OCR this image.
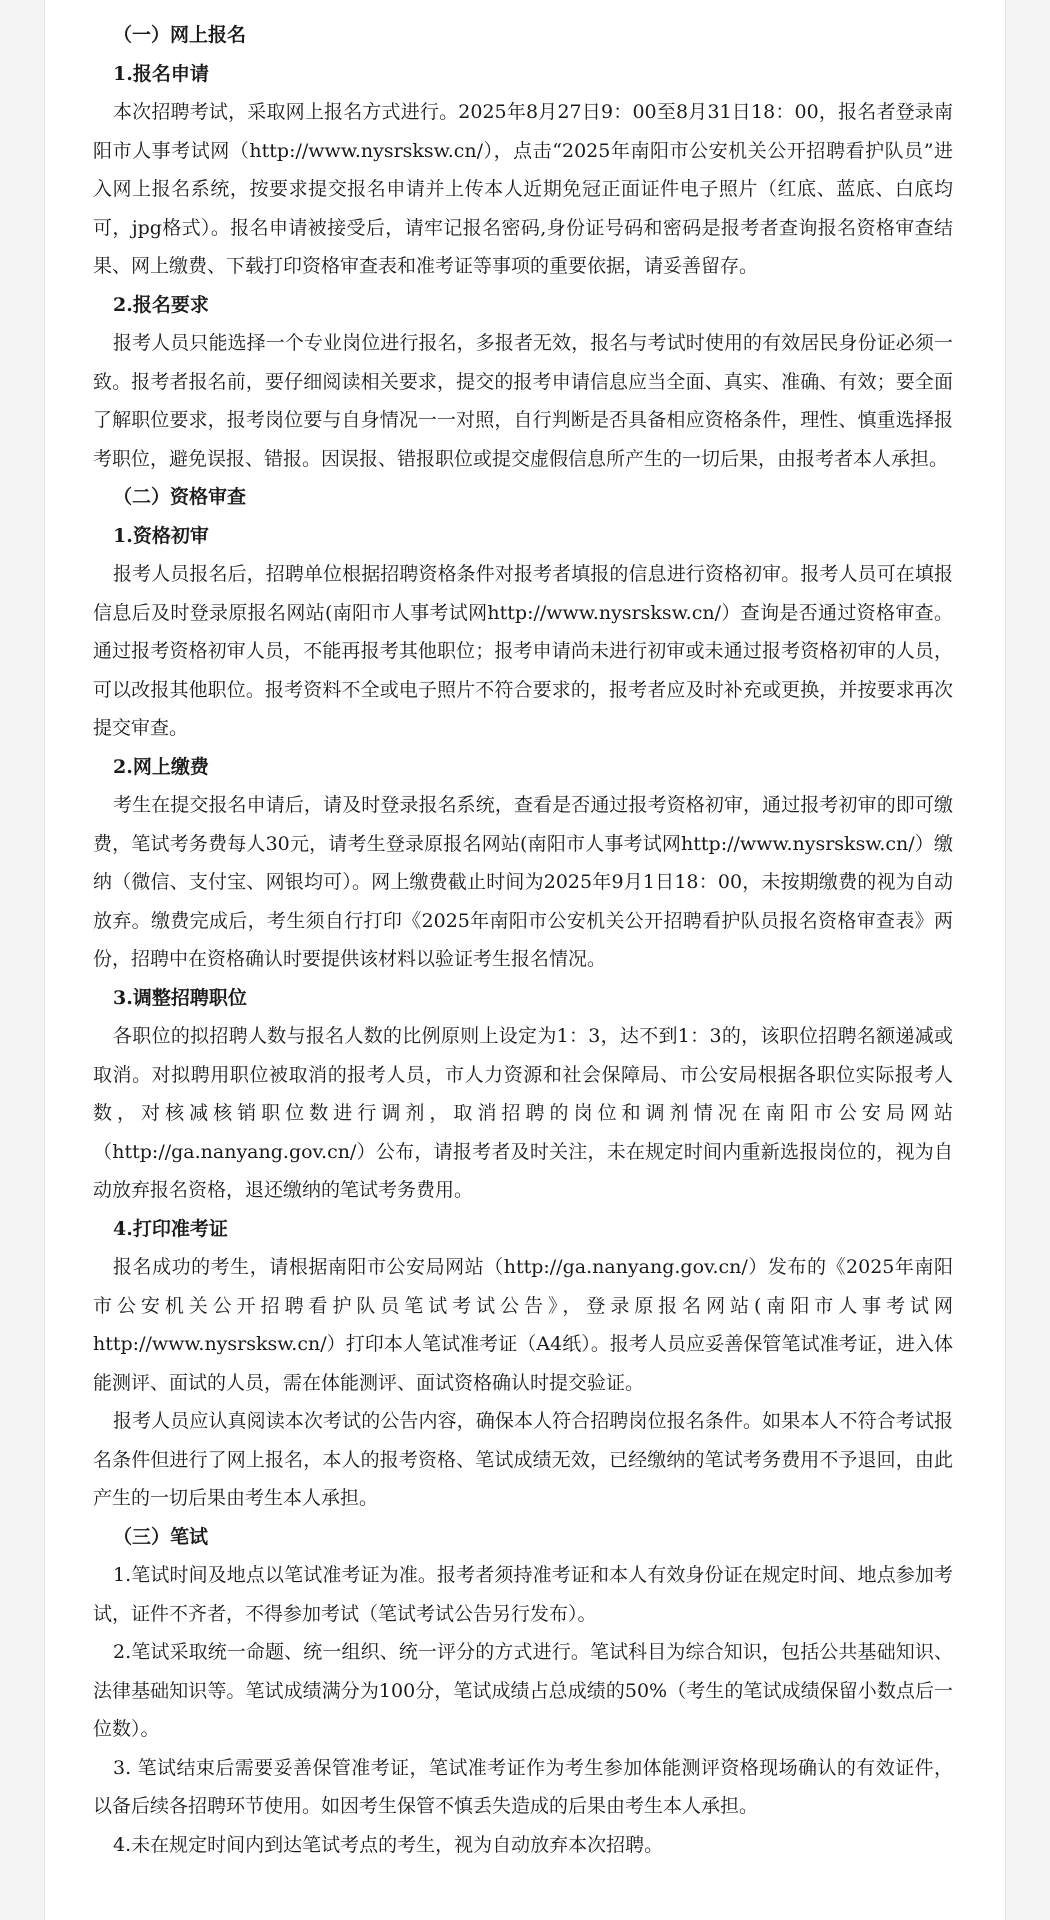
（一）网上报名

1.报名申请

本次招聘考试，采取网上报名方式进行。2025年8月27日9：00至8月31日18：00，报名者登录南阳市人事考试网（http://www.nysrsksw.cn/），点击“2025年南阳市公安机关公开招聘看护队员”进入网上报名系统，按要求提交报名申请并上传本人近期免冠正面证件电子照片（红底、蓝底、白底均可，jpg格式）。报名申请被接受后，请牢记报名密码,身份证号码和密码是报考者查询报名资格审查结果、网上缴费、下载打印资格审查表和准考证等事项的重要依据，请妥善留存。

2.报名要求

报考人员只能选择一个专业岗位进行报名，多报者无效，报名与考试时使用的有效居民身份证必须一致。报考者报名前，要仔细阅读相关要求，提交的报考申请信息应当全面、真实、准确、有效；要全面了解职位要求，报考岗位要与自身情况一一对照，自行判断是否具备相应资格条件，理性、慎重选择报考职位，避免误报、错报。因误报、错报职位或提交虚假信息所产生的一切后果，由报考者本人承担。

（二）资格审查

1.资格初审

报考人员报名后，招聘单位根据招聘资格条件对报考者填报的信息进行资格初审。报考人员可在填报信息后及时登录原报名网站(南阳市人事考试网http://www.nysrsksw.cn/）查询是否通过资格审查。通过报考资格初审人员，不能再报考其他职位；报考申请尚未进行初审或未通过报考资格初审的人员，可以改报其他职位。报考资料不全或电子照片不符合要求的，报考者应及时补充或更换，并按要求再次提交审查。

2.网上缴费

考生在提交报名申请后，请及时登录报名系统，查看是否通过报考资格初审，通过报考初审的即可缴费，笔试考务费每人30元，请考生登录原报名网站(南阳市人事考试网http://www.nysrsksw.cn/）缴纳（微信、支付宝、网银均可）。网上缴费截止时间为2025年9月1日18：00，未按期缴费的视为自动放弃。缴费完成后，考生须自行打印《2025年南阳市公安机关公开招聘看护队员报名资格审查表》两份，招聘中在资格确认时要提供该材料以验证考生报名情况。

3.调整招聘职位

各职位的拟招聘人数与报名人数的比例原则上设定为1：3，达不到1：3的，该职位招聘名额递减或取消。对拟聘用职位被取消的报考人员，市人力资源和社会保障局、市公安局根据各职位实际报考人数，对核减核销职位数进行调剂，取消招聘的岗位和调剂情况在南阳市公安局网站（http://ga.nanyang.gov.cn/）公布，请报考者及时关注，未在规定时间内重新选报岗位的，视为自动放弃报名资格，退还缴纳的笔试考务费用。

4.打印准考证

报名成功的考生，请根据南阳市公安局网站（http://ga.nanyang.gov.cn/）发布的《2025年南阳市公安机关公开招聘看护队员笔试考试公告》，登录原报名网站(南阳市人事考试网http://www.nysrsksw.cn/）打印本人笔试准考证（A4纸）。报考人员应妥善保管笔试准考证，进入体能测评、面试的人员，需在体能测评、面试资格确认时提交验证。

报考人员应认真阅读本次考试的公告内容，确保本人符合招聘岗位报名条件。如果本人不符合考试报名条件但进行了网上报名，本人的报考资格、笔试成绩无效，已经缴纳的笔试考务费用不予退回，由此产生的一切后果由考生本人承担。

（三）笔试

1.笔试时间及地点以笔试准考证为准。报考者须持准考证和本人有效身份证在规定时间、地点参加考试，证件不齐者，不得参加考试（笔试考试公告另行发布）。

2.笔试采取统一命题、统一组织、统一评分的方式进行。笔试科目为综合知识，包括公共基础知识、法律基础知识等。笔试成绩满分为100分，笔试成绩占总成绩的50%（考生的笔试成绩保留小数点后一位数）。

3. 笔试结束后需要妥善保管准考证，笔试准考证作为考生参加体能测评资格现场确认的有效证件，以备后续各招聘环节使用。如因考生保管不慎丢失造成的后果由考生本人承担。

4.未在规定时间内到达笔试考点的考生，视为自动放弃本次招聘。
